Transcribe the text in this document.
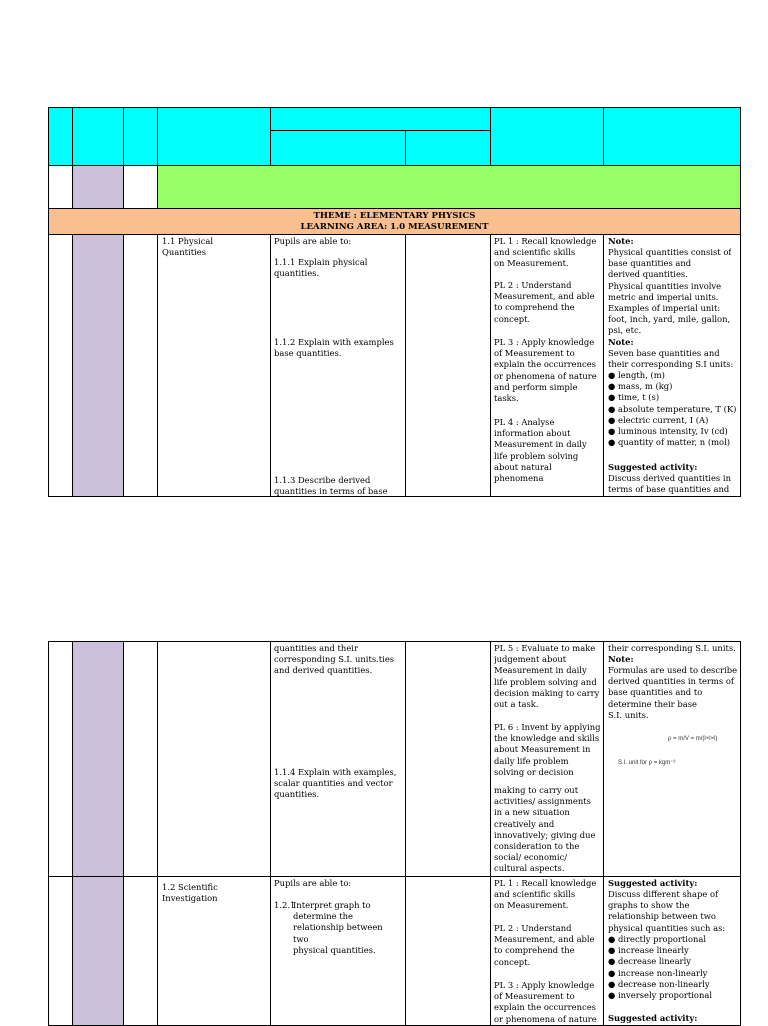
THEME : ELEMENTARY PHYSICS
LEARNING AREA: 1.0 MEASUREMENT
1.1 Physical
Quantities
Pupils are able to:
1.1.1 Explain physical
quantities.
1.1.2 Explain with examples
base quantities.
1.1.3 Describe derived
quantities in terms of base
PL 1 : Recall knowledge
and scientific skills
on Measurement.
PL 2 : Understand
Measurement, and able
to comprehend the
concept.
PL 3 : Apply knowledge
of Measurement to
explain the occurrences
or phenomena of nature
and perform simple
tasks.
PL 4 : Analyse
information about
Measurement in daily
life problem solving
about natural
phenomena
Note:
Physical quantities consist of
base quantities and
derived quantities.
Physical quantities involve
metric and imperial units.
Examples of imperial unit:
foot, inch, yard, mile, gallon,
psi, etc.
Note:
Seven base quantities and
their corresponding S.I units:
● length, (m)
● mass, m (kg)
● time, t (s)
● absolute temperature, T (K)
● electric current, I (A)
● luminous intensity, Iv (cd)
● quantity of matter, n (mol)
Suggested activity:
Discuss derived quantities in
terms of base quantities and
quantities and their
corresponding S.I. units.ties
and derived quantities.
1.1.4 Explain with examples,
scalar quantities and vector
quantities.
PL 5 : Evaluate to make
judgement about
Measurement in daily
life problem solving and
decision making to carry
out a task.
PL 6 : Invent by applying
the knowledge and skills
about Measurement in
daily life problem
solving or decision
making to carry out
activities/ assignments
in a new situation
creatively and
innovatively; giving due
consideration to the
social/ economic/
cultural aspects.
their corresponding S.I. units.
Note:
Formulas are used to describe
derived quantities in terms of
base quantities and to
determine their base
S.I. units.
ρ = m/V = m/(l×l×l)
S.I. unit for ρ = kgm⁻³
1.2 Scientific
Investigation
Pupils are able to:
1.2.1
Interpret graph to
determine the
relationship between
two
physical quantities.
PL 1 : Recall knowledge
and scientific skills
on Measurement.
PL 2 : Understand
Measurement, and able
to comprehend the
concept.
PL 3 : Apply knowledge
of Measurement to
explain the occurrences
or phenomena of nature
Suggested activity:
Discuss different shape of
graphs to show the
relationship between two
physical quantities such as:
● directly proportional
● increase linearly
● decrease linearly
● increase non-linearly
● decrease non-linearly
● inversely proportional
Suggested activity:
